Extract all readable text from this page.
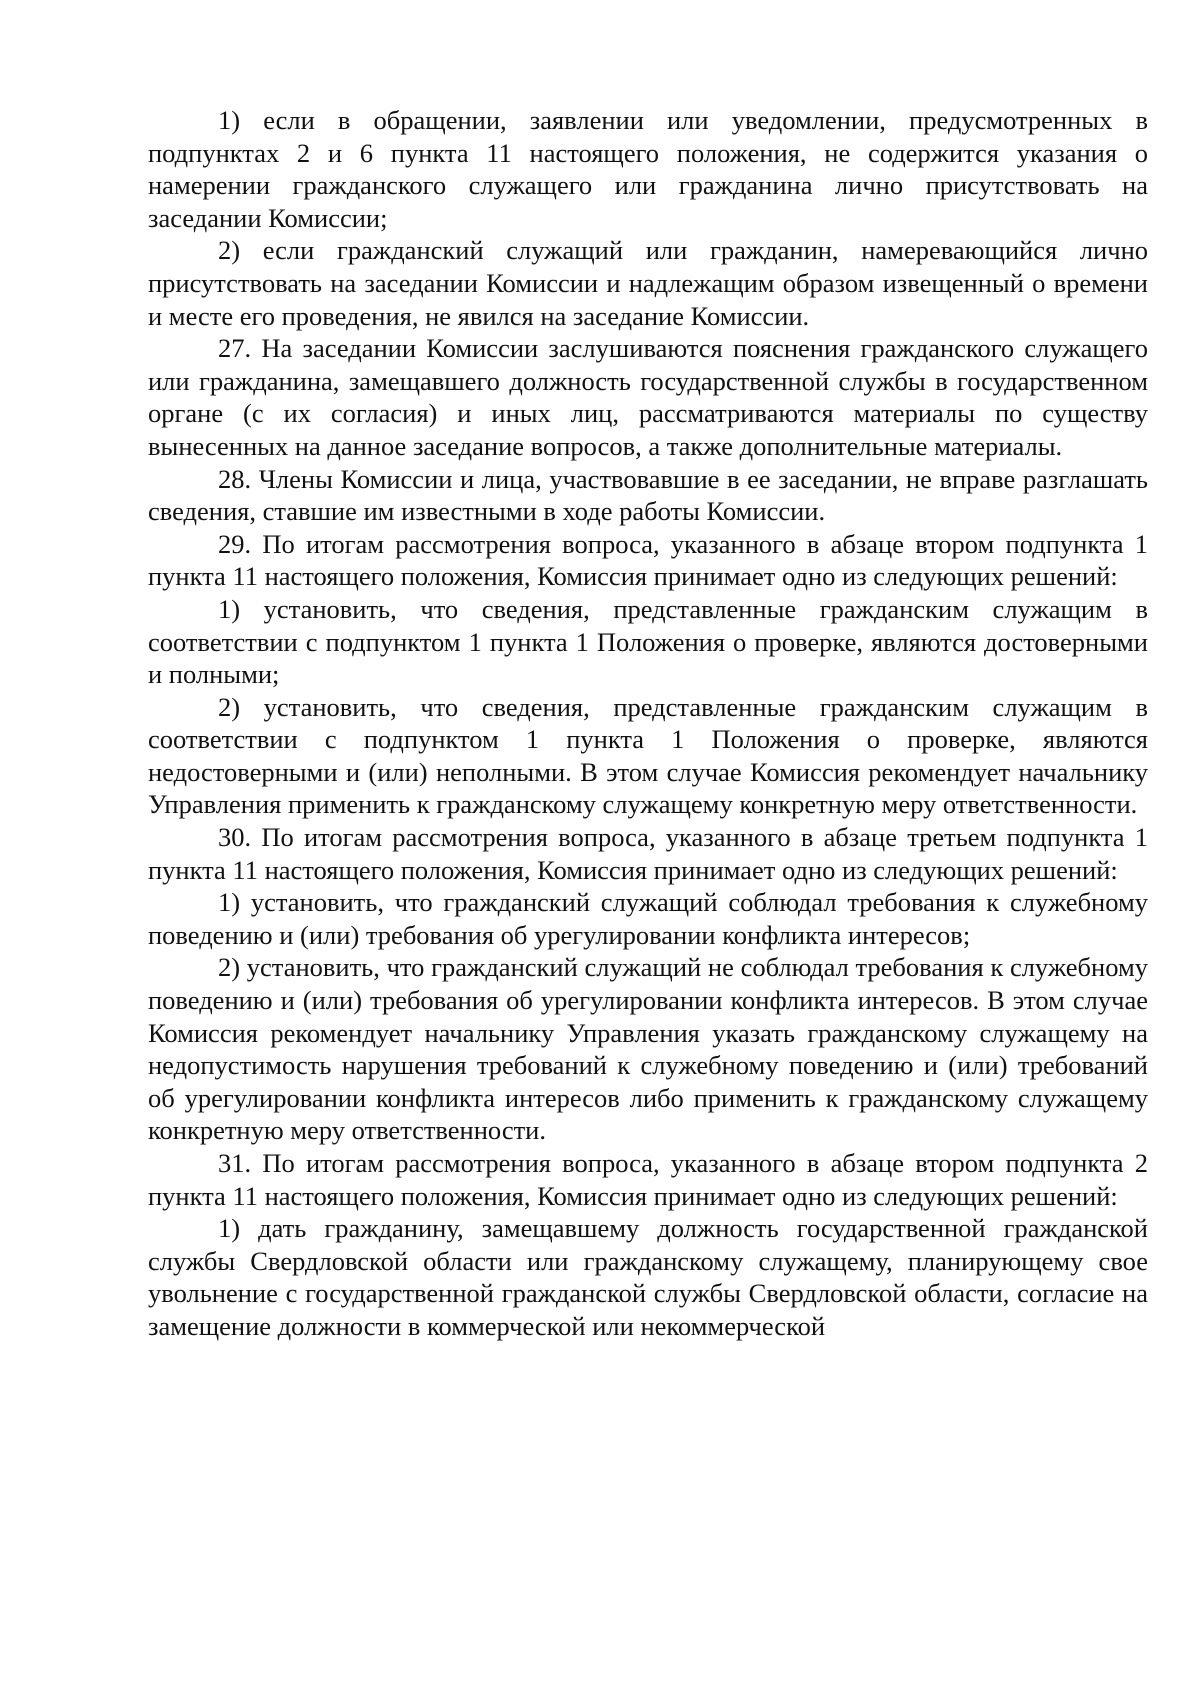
1) если в обращении, заявлении или уведомлении, предусмотренных в подпунктах 2 и 6 пункта 11 настоящего положения, не содержится указания о намерении гражданского служащего или гражданина лично присутствовать на заседании Комиссии;

2) если гражданский служащий или гражданин, намеревающийся лично присутствовать на заседании Комиссии и надлежащим образом извещенный о времени и месте его проведения, не явился на заседание Комиссии.

27. На заседании Комиссии заслушиваются пояснения гражданского служащего или гражданина, замещавшего должность государственной службы в государственном органе (с их согласия) и иных лиц, рассматриваются материалы по существу вынесенных на данное заседание вопросов, а также дополнительные материалы.

28. Члены Комиссии и лица, участвовавшие в ее заседании, не вправе разглашать сведения, ставшие им известными в ходе работы Комиссии.

29. По итогам рассмотрения вопроса, указанного в абзаце втором подпункта 1 пункта 11 настоящего положения, Комиссия принимает одно из следующих решений:

1) установить, что сведения, представленные гражданским служащим в соответствии с подпунктом 1 пункта 1 Положения о проверке, являются достоверными и полными;

2) установить, что сведения, представленные гражданским служащим в соответствии с подпунктом 1 пункта 1 Положения о проверке, являются недостоверными и (или) неполными. В этом случае Комиссия рекомендует начальнику Управления применить к гражданскому служащему конкретную меру ответственности.

30. По итогам рассмотрения вопроса, указанного в абзаце третьем подпункта 1 пункта 11 настоящего положения, Комиссия принимает одно из следующих решений:

1) установить, что гражданский служащий соблюдал требования к служебному поведению и (или) требования об урегулировании конфликта интересов;

2) установить, что гражданский служащий не соблюдал требования к служебному поведению и (или) требования об урегулировании конфликта интересов. В этом случае Комиссия рекомендует начальнику Управления указать гражданскому служащему на недопустимость нарушения требований к служебному поведению и (или) требований об урегулировании конфликта интересов либо применить к гражданскому служащему конкретную меру ответственности.

31. По итогам рассмотрения вопроса, указанного в абзаце втором подпункта 2 пункта 11 настоящего положения, Комиссия принимает одно из следующих решений:

1) дать гражданину, замещавшему должность государственной гражданской службы Свердловской области или гражданскому служащему, планирующему свое увольнение с государственной гражданской службы Свердловской области, согласие на замещение должности в коммерческой или некоммерческой
